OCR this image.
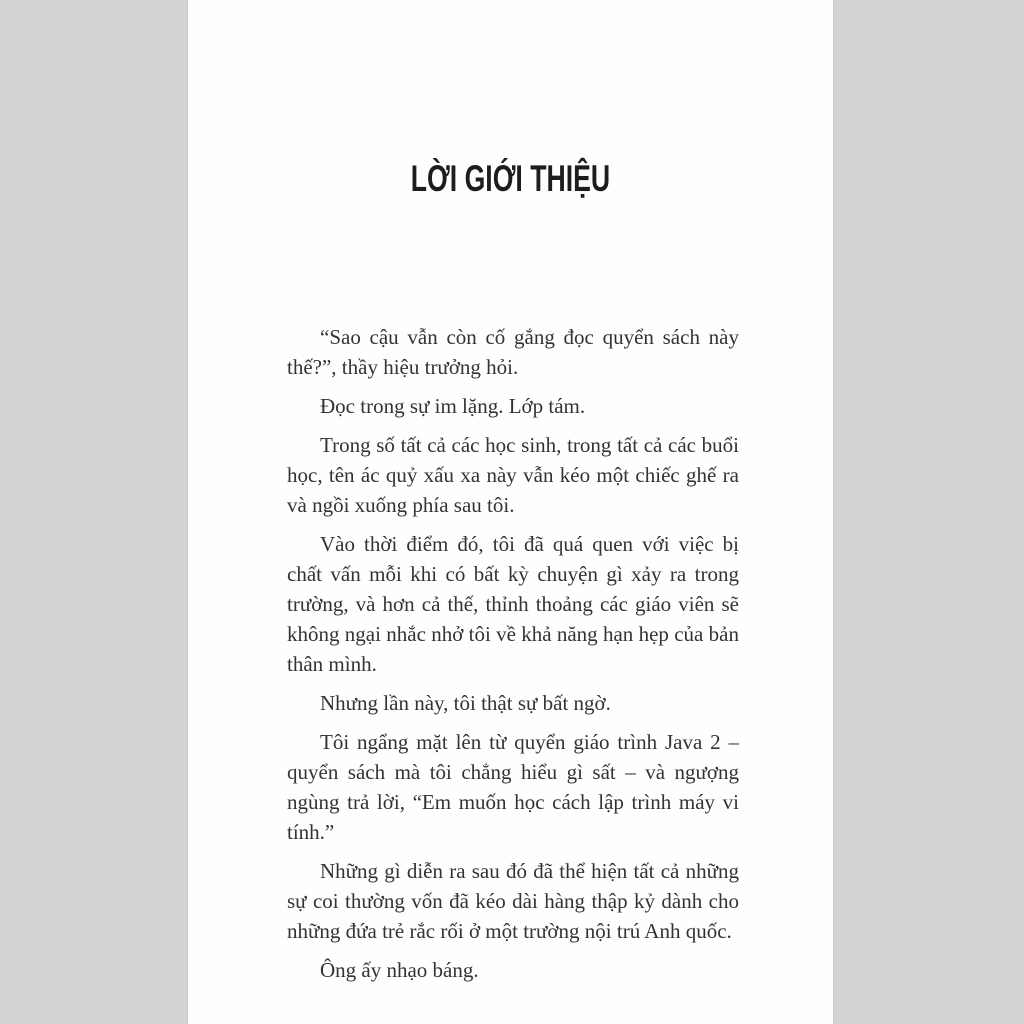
LỜI GIỚI THIỆU

“Sao cậu vẫn còn cố gắng đọc quyển sách này thế?”, thầy hiệu trưởng hỏi.

Đọc trong sự im lặng. Lớp tám.

Trong số tất cả các học sinh, trong tất cả các buổi học, tên ác quỷ xấu xa này vẫn kéo một chiếc ghế ra và ngồi xuống phía sau tôi.

Vào thời điểm đó, tôi đã quá quen với việc bị chất vấn mỗi khi có bất kỳ chuyện gì xảy ra trong trường, và hơn cả thế, thỉnh thoảng các giáo viên sẽ không ngại nhắc nhở tôi về khả năng hạn hẹp của bản thân mình.

Nhưng lần này, tôi thật sự bất ngờ.

Tôi ngẩng mặt lên từ quyển giáo trình Java 2 – quyển sách mà tôi chẳng hiểu gì sất – và ngượng ngùng trả lời, “Em muốn học cách lập trình máy vi tính.”

Những gì diễn ra sau đó đã thể hiện tất cả những sự coi thường vốn đã kéo dài hàng thập kỷ dành cho những đứa trẻ rắc rối ở một trường nội trú Anh quốc.

Ông ấy nhạo báng.
